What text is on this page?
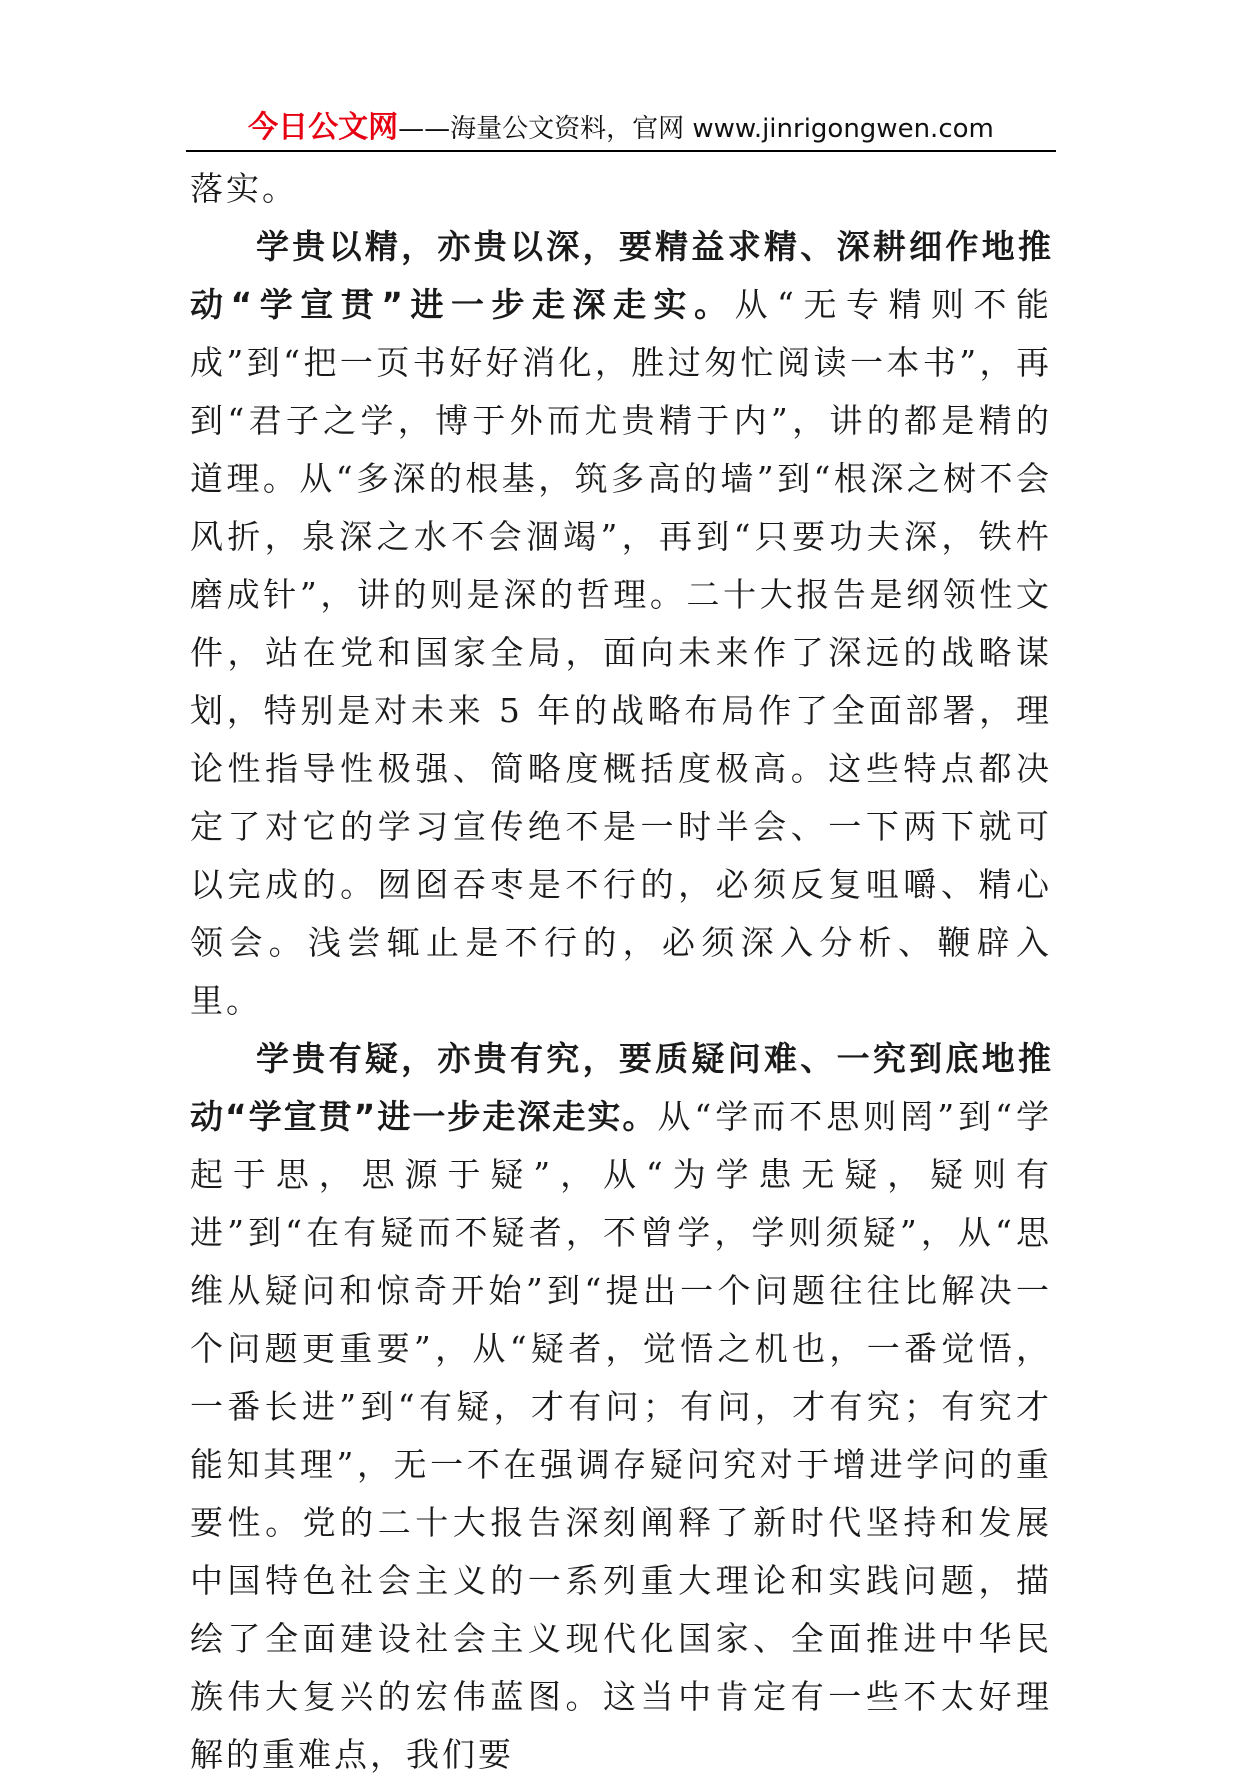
今日公文网——海量公文资料，官网 www.jinrigongwen.com

落实。

学贵以精，亦贵以深，要精益求精、深耕细作地推动“学宣贯”进一步走深走实。从“无专精则不能成”到“把一页书好好消化，胜过匆忙阅读一本书”，再到“君子之学，博于外而尤贵精于内”，讲的都是精的道理。从“多深的根基，筑多高的墙”到“根深之树不会风折，泉深之水不会涸竭”，再到“只要功夫深，铁杵磨成针”，讲的则是深的哲理。二十大报告是纲领性文件，站在党和国家全局，面向未来作了深远的战略谋划，特别是对未来 5 年的战略布局作了全面部署，理论性指导性极强、简略度概括度极高。这些特点都决定了对它的学习宣传绝不是一时半会、一下两下就可以完成的。囫囵吞枣是不行的，必须反复咀嚼、精心领会。浅尝辄止是不行的，必须深入分析、鞭辟入里。

学贵有疑，亦贵有究，要质疑问难、一究到底地推动“学宣贯”进一步走深走实。从“学而不思则罔”到“学起于思，思源于疑”，从“为学患无疑，疑则有进”到“在有疑而不疑者，不曾学，学则须疑”，从“思维从疑问和惊奇开始”到“提出一个问题往往比解决一个问题更重要”，从“疑者，觉悟之机也，一番觉悟，一番长进”到“有疑，才有问；有问，才有究；有究才能知其理”，无一不在强调存疑问究对于增进学问的重要性。党的二十大报告深刻阐释了新时代坚持和发展中国特色社会主义的一系列重大理论和实践问题，描绘了全面建设社会主义现代化国家、全面推进中华民族伟大复兴的宏伟蓝图。这当中肯定有一些不太好理解的重难点，我们要
